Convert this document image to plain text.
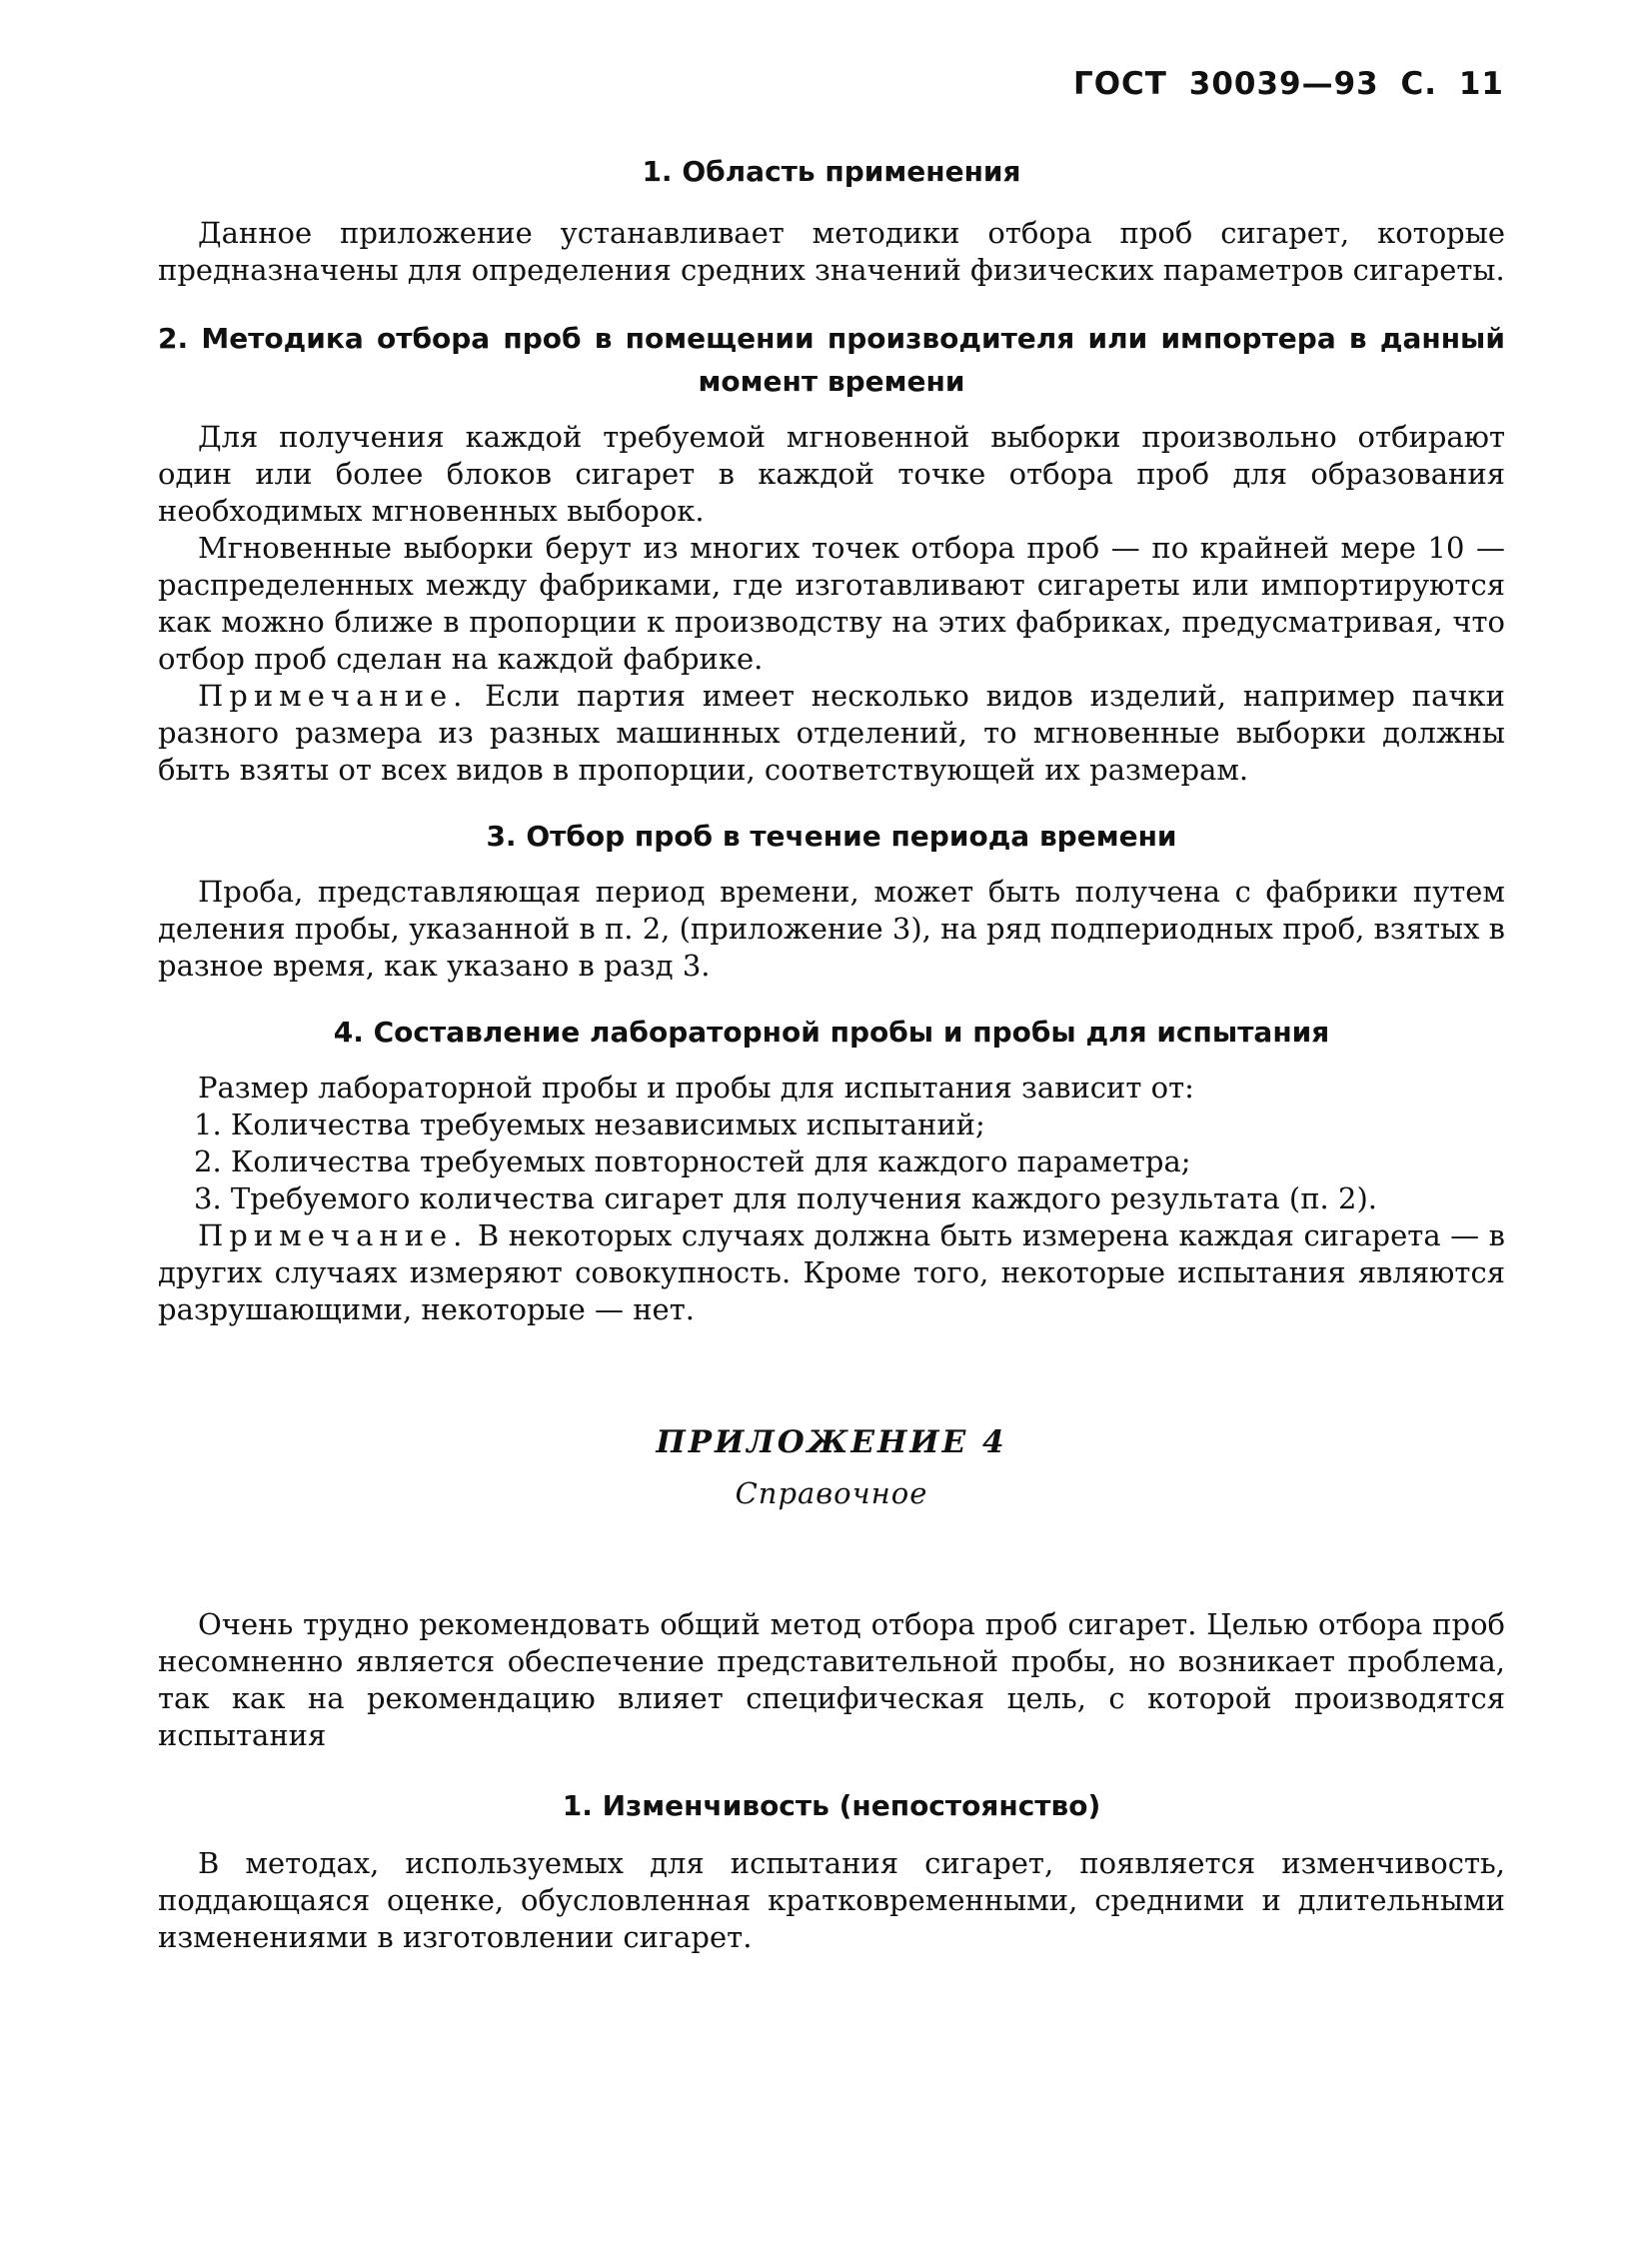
ГОСТ 30039—93 С. 11
1. Область применения

Данное приложение устанавливает методики отбора проб сигарет, которые предназначены для определения средних значений физических параметров сигареты.

2. Методика отбора проб в помещении производителя или импортера в данный момент времени

Для получения каждой требуемой мгновенной выборки произвольно отбирают один или более блоков сигарет в каждой точке отбора проб для образования необходимых мгновенных выборок.

Мгновенные выборки берут из многих точек отбора проб — по крайней мере 10 — распределенных между фабриками, где изготавливают сигареты или импортируются как можно ближе в пропорции к производству на этих фабриках, предусматривая, что отбор проб сделан на каждой фабрике.

Примечание. Если партия имеет несколько видов изделий, например пачки разного размера из разных машинных отделений, то мгновенные выборки должны быть взяты от всех видов в пропорции, соответствующей их размерам.

3. Отбор проб в течение периода времени

Проба, представляющая период времени, может быть получена с фабрики путем деления пробы, указанной в п. 2, (приложение 3), на ряд подпериодных проб, взятых в разное время, как указано в разд 3.

4. Составление лабораторной пробы и пробы для испытания

Размер лабораторной пробы и пробы для испытания зависит от:

1. Количества требуемых независимых испытаний;
2. Количества требуемых повторностей для каждого параметра;
3. Требуемого количества сигарет для получения каждого результата (п. 2).

Примечание. В некоторых случаях должна быть измерена каждая сигарета — в других случаях измеряют совокупность. Кроме того, некоторые испытания являются разрушающими, некоторые — нет.

ПРИЛОЖЕНИЕ 4
Справочное

Очень трудно рекомендовать общий метод отбора проб сигарет. Целью отбора проб несомненно является обеспечение представительной пробы, но возникает проблема, так как на рекомендацию влияет специфическая цель, с которой производятся испытания

1. Изменчивость (непостоянство)

В методах, используемых для испытания сигарет, появляется изменчивость, поддающаяся оценке, обусловленная кратковременными, средними и длительными изменениями в изготовлении сигарет.
